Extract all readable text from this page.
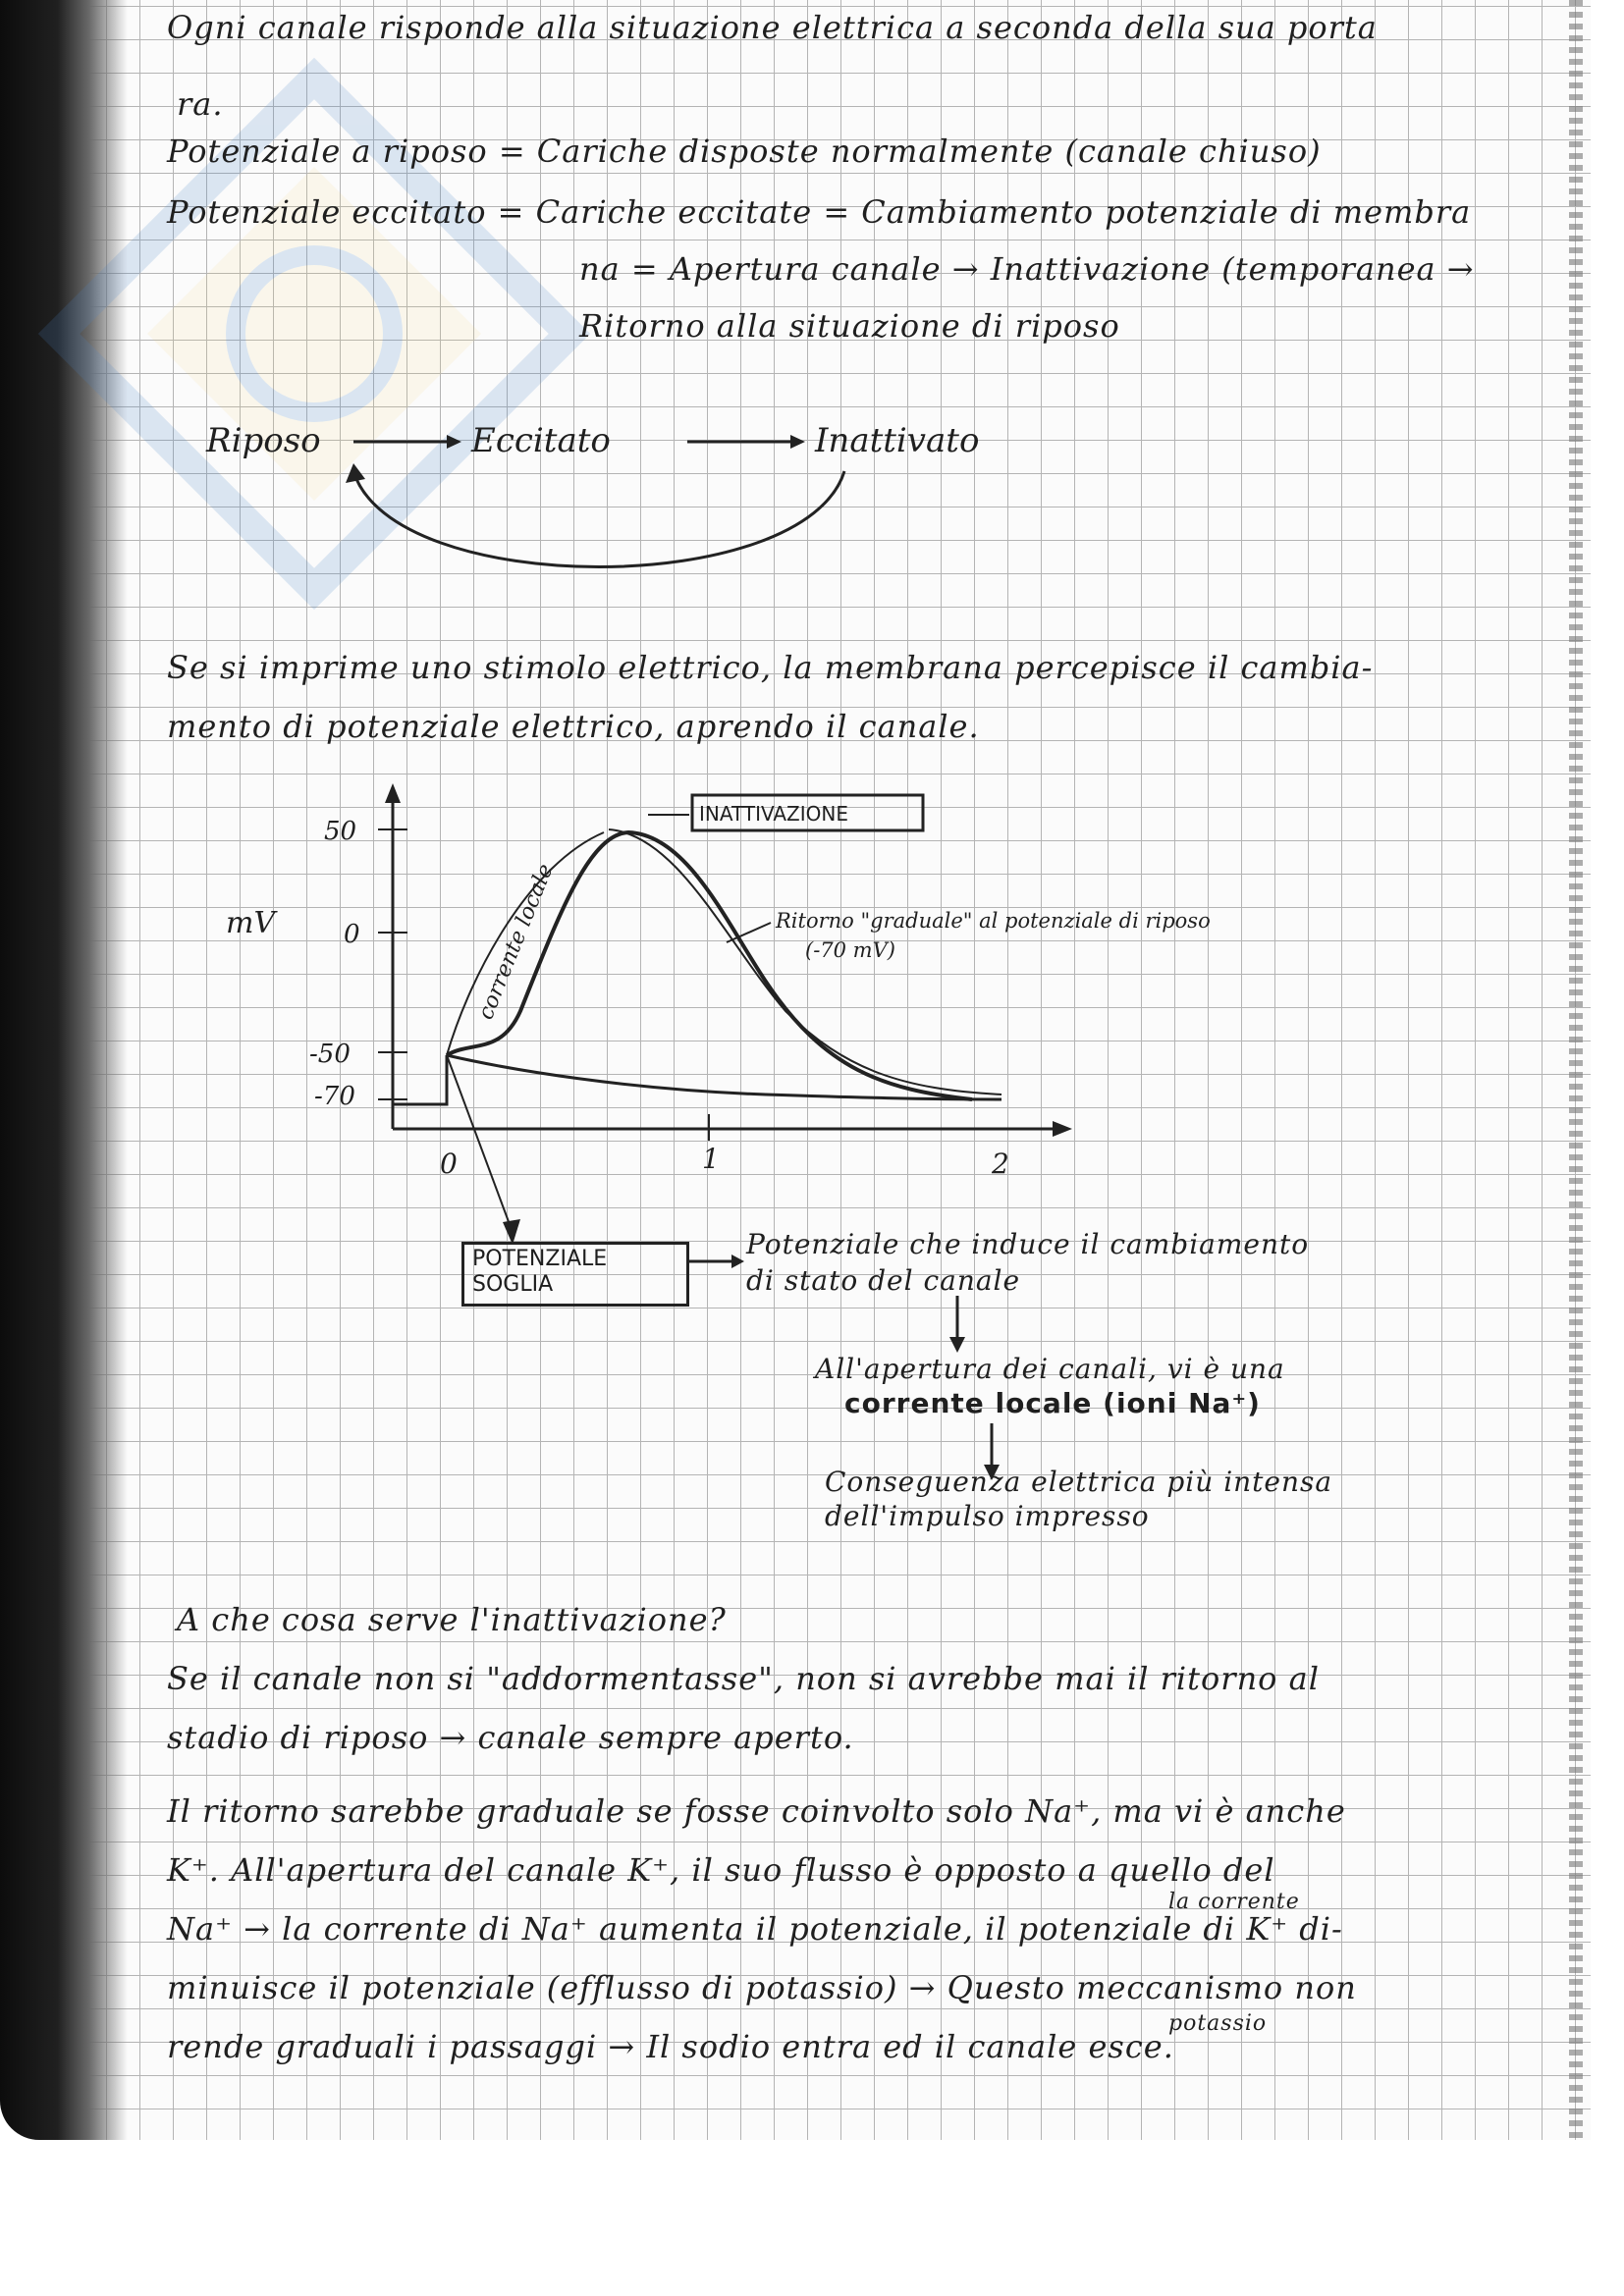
Ogni canale risponde alla situazione elettrica a seconda della sua porta
ra.
Potenziale a riposo = Cariche disposte normalmente (canale chiuso)
Potenziale eccitato = Cariche eccitate = Cambiamento potenziale di membra
na = Apertura canale → Inattivazione (temporanea →
Ritorno alla situazione di riposo
Riposo	Eccitato	Inattivato
Se si imprime uno stimolo elettrico, la membrana percepisce il cambia-
mento di potenziale elettrico, aprendo il canale.
mV
50
0
-50
-70
0	1	2
corrente locale
INATTIVAZIONE
Ritorno "graduale" al potenziale di riposo
(-70 mV)
POTENZIALE
SOGLIA
Potenziale che induce il cambiamento
di stato del canale
All'apertura dei canali, vi è una
corrente locale (ioni Na⁺)
Conseguenza elettrica più intensa
dell'impulso impresso
A che cosa serve l'inattivazione?
Se il canale non si "addormentasse", non si avrebbe mai il ritorno al
stadio di riposo → canale sempre aperto.
Il ritorno sarebbe graduale se fosse coinvolto solo Na⁺, ma vi è anche
K⁺. All'apertura del canale K⁺, il suo flusso è opposto a quello del
la corrente
Na⁺ → la corrente di Na⁺ aumenta il potenziale, il potenziale di K⁺ di-
minuisce il potenziale (efflusso di potassio) → Questo meccanismo non
potassio
rende graduali i passaggi → Il sodio entra ed il canale esce.
